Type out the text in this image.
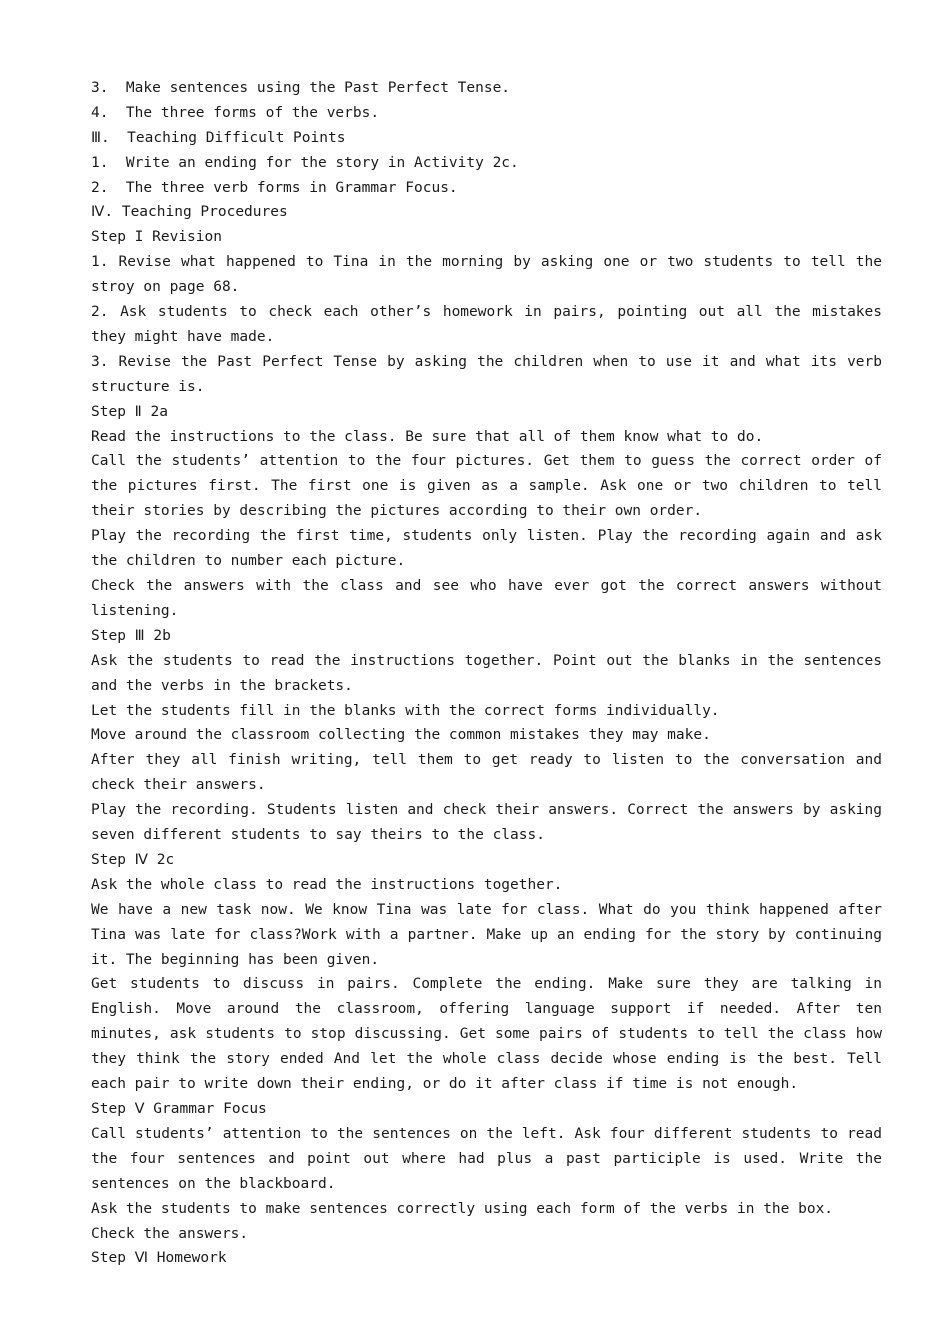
3.  Make sentences using the Past Perfect Tense.
4.  The three forms of the verbs.
Ⅲ.  Teaching Difficult Points
1.  Write an ending for the story in Activity 2c.
2.  The three verb forms in Grammar Focus.
Ⅳ. Teaching Procedures
Step I Revision
1. Revise what happened to Tina in the morning by asking one or two students to tell the stroy on page 68.
2. Ask students to check each other’s homework in pairs, pointing out all the mistakes they might have made.
3. Revise the Past Perfect Tense by asking the children when to use it and what its verb structure is.
Step Ⅱ 2a
Read the instructions to the class. Be sure that all of them know what to do.
Call the students’ attention to the four pictures. Get them to guess the correct order of the pictures first. The first one is given as a sample. Ask one or two children to tell their stories by describing the pictures according to their own order.
Play the recording the first time, students only listen. Play the recording again and ask the children to number each picture.
Check the answers with the class and see who have ever got the correct answers without listening.
Step Ⅲ 2b
Ask the students to read the instructions together. Point out the blanks in the sentences and the verbs in the brackets.
Let the students fill in the blanks with the correct forms individually.
Move around the classroom collecting the common mistakes they may make.
After they all finish writing, tell them to get ready to listen to the conversation and check their answers.
Play the recording. Students listen and check their answers. Correct the answers by asking seven different students to say theirs to the class.
Step Ⅳ 2c
Ask the whole class to read the instructions together.
We have a new task now. We know Tina was late for class. What do you think happened after Tina was late for class?Work with a partner. Make up an ending for the story by continuing it. The beginning has been given.
Get students to discuss in pairs. Complete the ending. Make sure they are talking in English. Move around the classroom, offering language support if needed. After ten minutes, ask students to stop discussing. Get some pairs of students to tell the class how they think the story ended And let the whole class decide whose ending is the best. Tell each pair to write down their ending, or do it after class if time is not enough.
Step Ⅴ Grammar Focus
Call students’ attention to the sentences on the left. Ask four different students to read the four sentences and point out where had plus a past participle is used. Write the sentences on the blackboard.
Ask the students to make sentences correctly using each form of the verbs in the box.
Check the answers.
Step Ⅵ Homework
